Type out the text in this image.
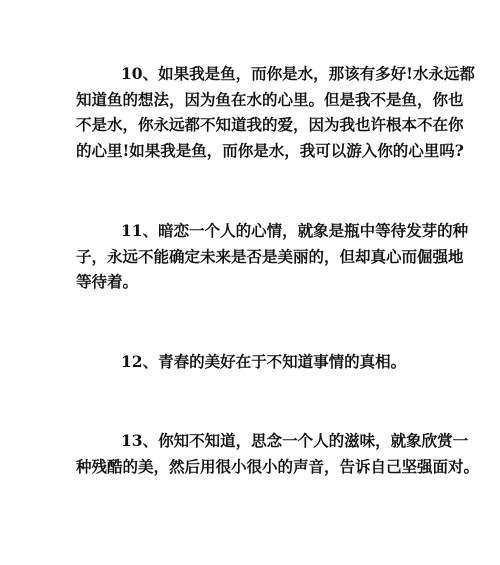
10、如果我是鱼，而你是水，那该有多好!水永远都
知道鱼的想法，因为鱼在水的心里。但是我不是鱼，你也
不是水，你永远都不知道我的爱，因为我也许根本不在你
的心里!如果我是鱼，而你是水，我可以游入你的心里吗?
11、暗恋一个人的心情，就象是瓶中等待发芽的种
子，永远不能确定未来是否是美丽的，但却真心而倔强地
等待着。
12、青春的美好在于不知道事情的真相。
13、你知不知道，思念一个人的滋味，就象欣赏一
种残酷的美，然后用很小很小的声音，告诉自己坚强面对。
